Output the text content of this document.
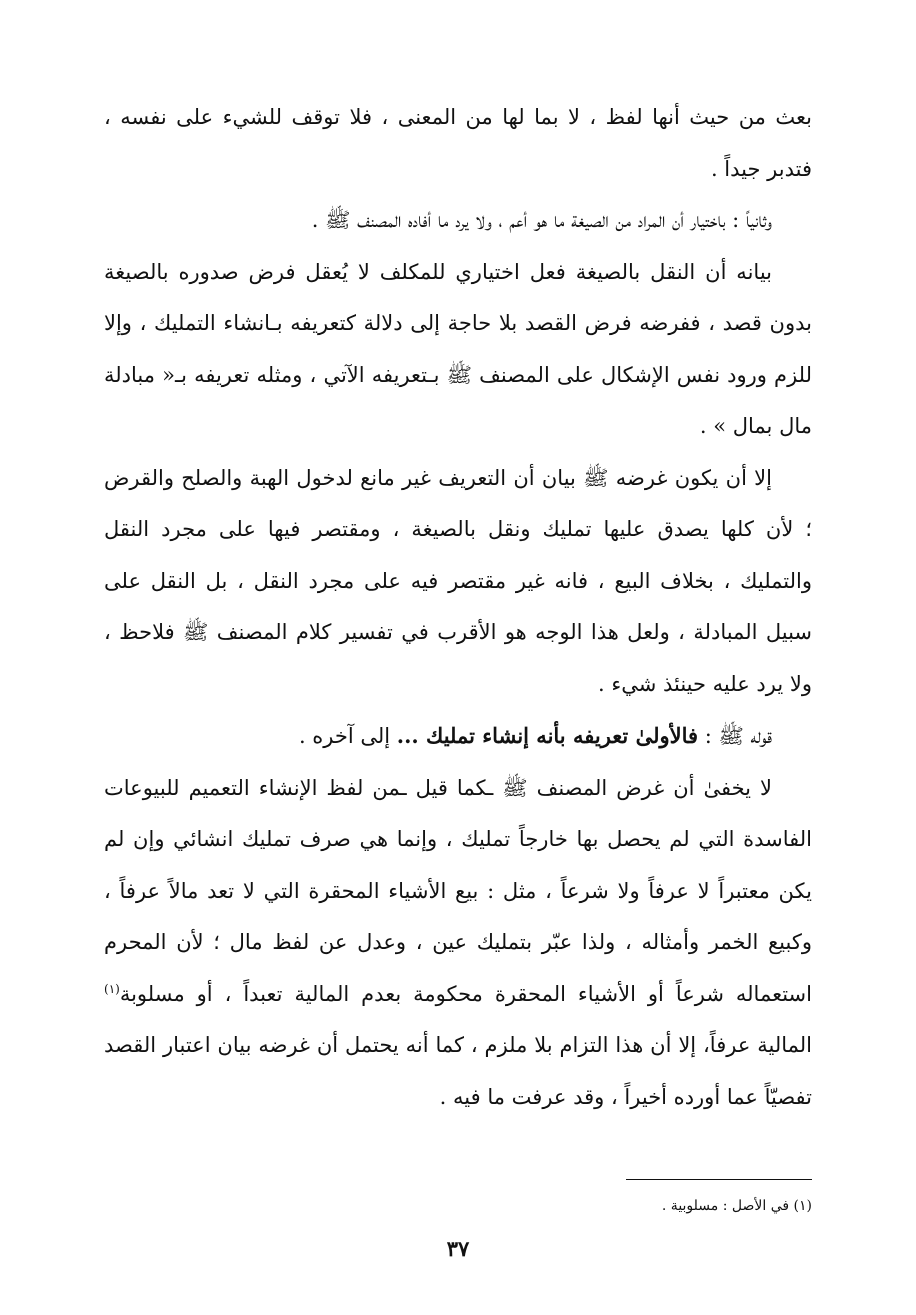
بعث من حيث أنها لفظ ، لا بما لها من المعنى ، فلا توقف للشيء على نفسه ، فتدبر جيداً .

وثانياً : باختيار أن المراد من الصيغة ما هو أعم ، ولا يرد ما أفاده المصنف ﷺ .

بيانه أن النقل بالصيغة فعل اختياري للمكلف لا يُعقل فرض صدوره بالصيغة بدون قصد ، ففرضه فرض القصد بلا حاجة إلى دلالة كتعريفه بـانشاء التمليك ، وإلا للزم ورود نفس الإشكال على المصنف ﷺ بـتعريفه الآتي ، ومثله تعريفه بـ« مبادلة مال بمال » .

إلا أن يكون غرضه ﷺ بيان أن التعريف غير مانع لدخول الهبة والصلح والقرض ؛ لأن كلها يصدق عليها تمليك ونقل بالصيغة ، ومقتصر فيها على مجرد النقل والتمليك ، بخلاف البيع ، فانه غير مقتصر فيه على مجرد النقل ، بل النقل على سبيل المبادلة ، ولعل هذا الوجه هو الأقرب في تفسير كلام المصنف ﷺ فلاحظ ، ولا يرد عليه حينئذ شيء .

قوله ﷺ : فالأولىٰ تعريفه بأنه إنشاء تمليك ... إلى آخره .

لا يخفىٰ أن غرض المصنف ﷺ ـكما قيل ـمن لفظ الإنشاء التعميم للبيوعات الفاسدة التي لم يحصل بها خارجاً تمليك ، وإنما هي صرف تمليك انشائي وإن لم يكن معتبراً لا عرفاً ولا شرعاً ، مثل : بيع الأشياء المحقرة التي لا تعد مالاً عرفاً ، وكبيع الخمر وأمثاله ، ولذا عبّر بتمليك عين ، وعدل عن لفظ مال ؛ لأن المحرم استعماله شرعاً أو الأشياء المحقرة محكومة بعدم المالية تعبداً ، أو مسلوبة$^{(١)}$ المالية عرفاً، إلا أن هذا التزام بلا ملزم ، كما أنه يحتمل أن غرضه بيان اعتبار القصد تفصيّاً عما أورده أخيراً ، وقد عرفت ما فيه .

(١) في الأصل : مسلوبية .
٣٧
